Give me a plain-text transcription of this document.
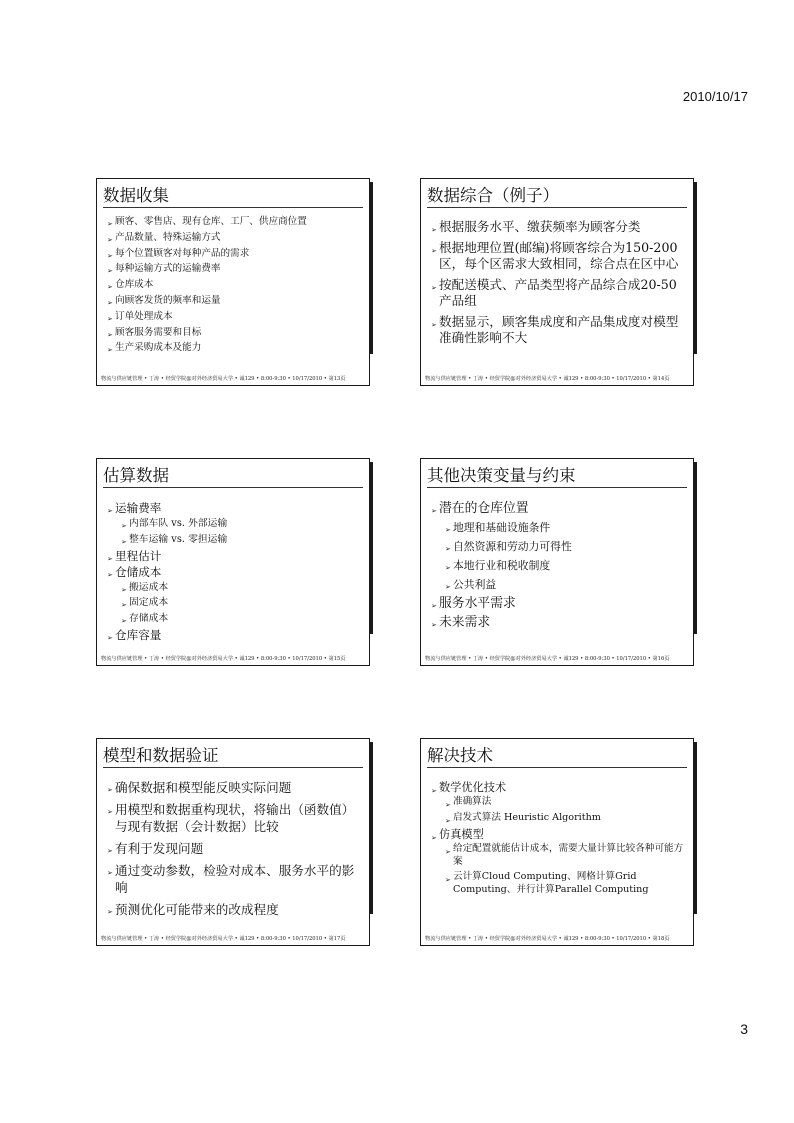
2010/10/17
数据收集
➢ 顾客、零售店、现有仓库、工厂、供应商位置
➢ 产品数量、特殊运输方式
➢ 每个位置顾客对每种产品的需求
➢ 每种运输方式的运输费率
➢ 仓库成本
➢ 向顾客发货的频率和运量
➢ 订单处理成本
➢ 顾客服务需要和目标
➢ 生产采购成本及能力
物流与供应链管理 • 丁涛 • 经贸学院@对外经济贸易大学 • 诚129 • 8:00-9:30 • 10/17/2010 • 第13页
数据综合（例子）
➢ 根据服务水平、缴获频率为顾客分类
➢ 根据地理位置(邮编)将顾客综合为150-200区，每个区需求大致相同，综合点在区中心
➢ 按配送模式、产品类型将产品综合成20-50产品组
➢ 数据显示，顾客集成度和产品集成度对模型准确性影响不大
物流与供应链管理 • 丁涛 • 经贸学院@对外经济贸易大学 • 诚129 • 8:00-9:30 • 10/17/2010 • 第14页
估算数据
➢ 运输费率
➢ 内部车队 vs. 外部运输
➢ 整车运输 vs. 零担运输
➢ 里程估计
➢ 仓储成本
➢ 搬运成本
➢ 固定成本
➢ 存储成本
➢ 仓库容量
物流与供应链管理 • 丁涛 • 经贸学院@对外经济贸易大学 • 诚129 • 8:00-9:30 • 10/17/2010 • 第15页
其他决策变量与约束
➢ 潜在的仓库位置
➢ 地理和基础设施条件
➢ 自然资源和劳动力可得性
➢ 本地行业和税收制度
➢ 公共利益
➢ 服务水平需求
➢ 未来需求
物流与供应链管理 • 丁涛 • 经贸学院@对外经济贸易大学 • 诚129 • 8:00-9:30 • 10/17/2010 • 第16页
模型和数据验证
➢ 确保数据和模型能反映实际问题
➢ 用模型和数据重构现状，将输出（函数值）与现有数据（会计数据）比较
➢ 有利于发现问题
➢ 通过变动参数，检验对成本、服务水平的影响
➢ 预测优化可能带来的改成程度
物流与供应链管理 • 丁涛 • 经贸学院@对外经济贸易大学 • 诚129 • 8:00-9:30 • 10/17/2010 • 第17页
解决技术
➢ 数学优化技术
➢ 准确算法
➢ 启发式算法 Heuristic Algorithm
➢ 仿真模型
➢ 给定配置就能估计成本，需要大量计算比较各种可能方案
➢ 云计算Cloud Computing、网格计算Grid Computing、并行计算Parallel Computing
物流与供应链管理 • 丁涛 • 经贸学院@对外经济贸易大学 • 诚129 • 8:00-9:30 • 10/17/2010 • 第18页
3
